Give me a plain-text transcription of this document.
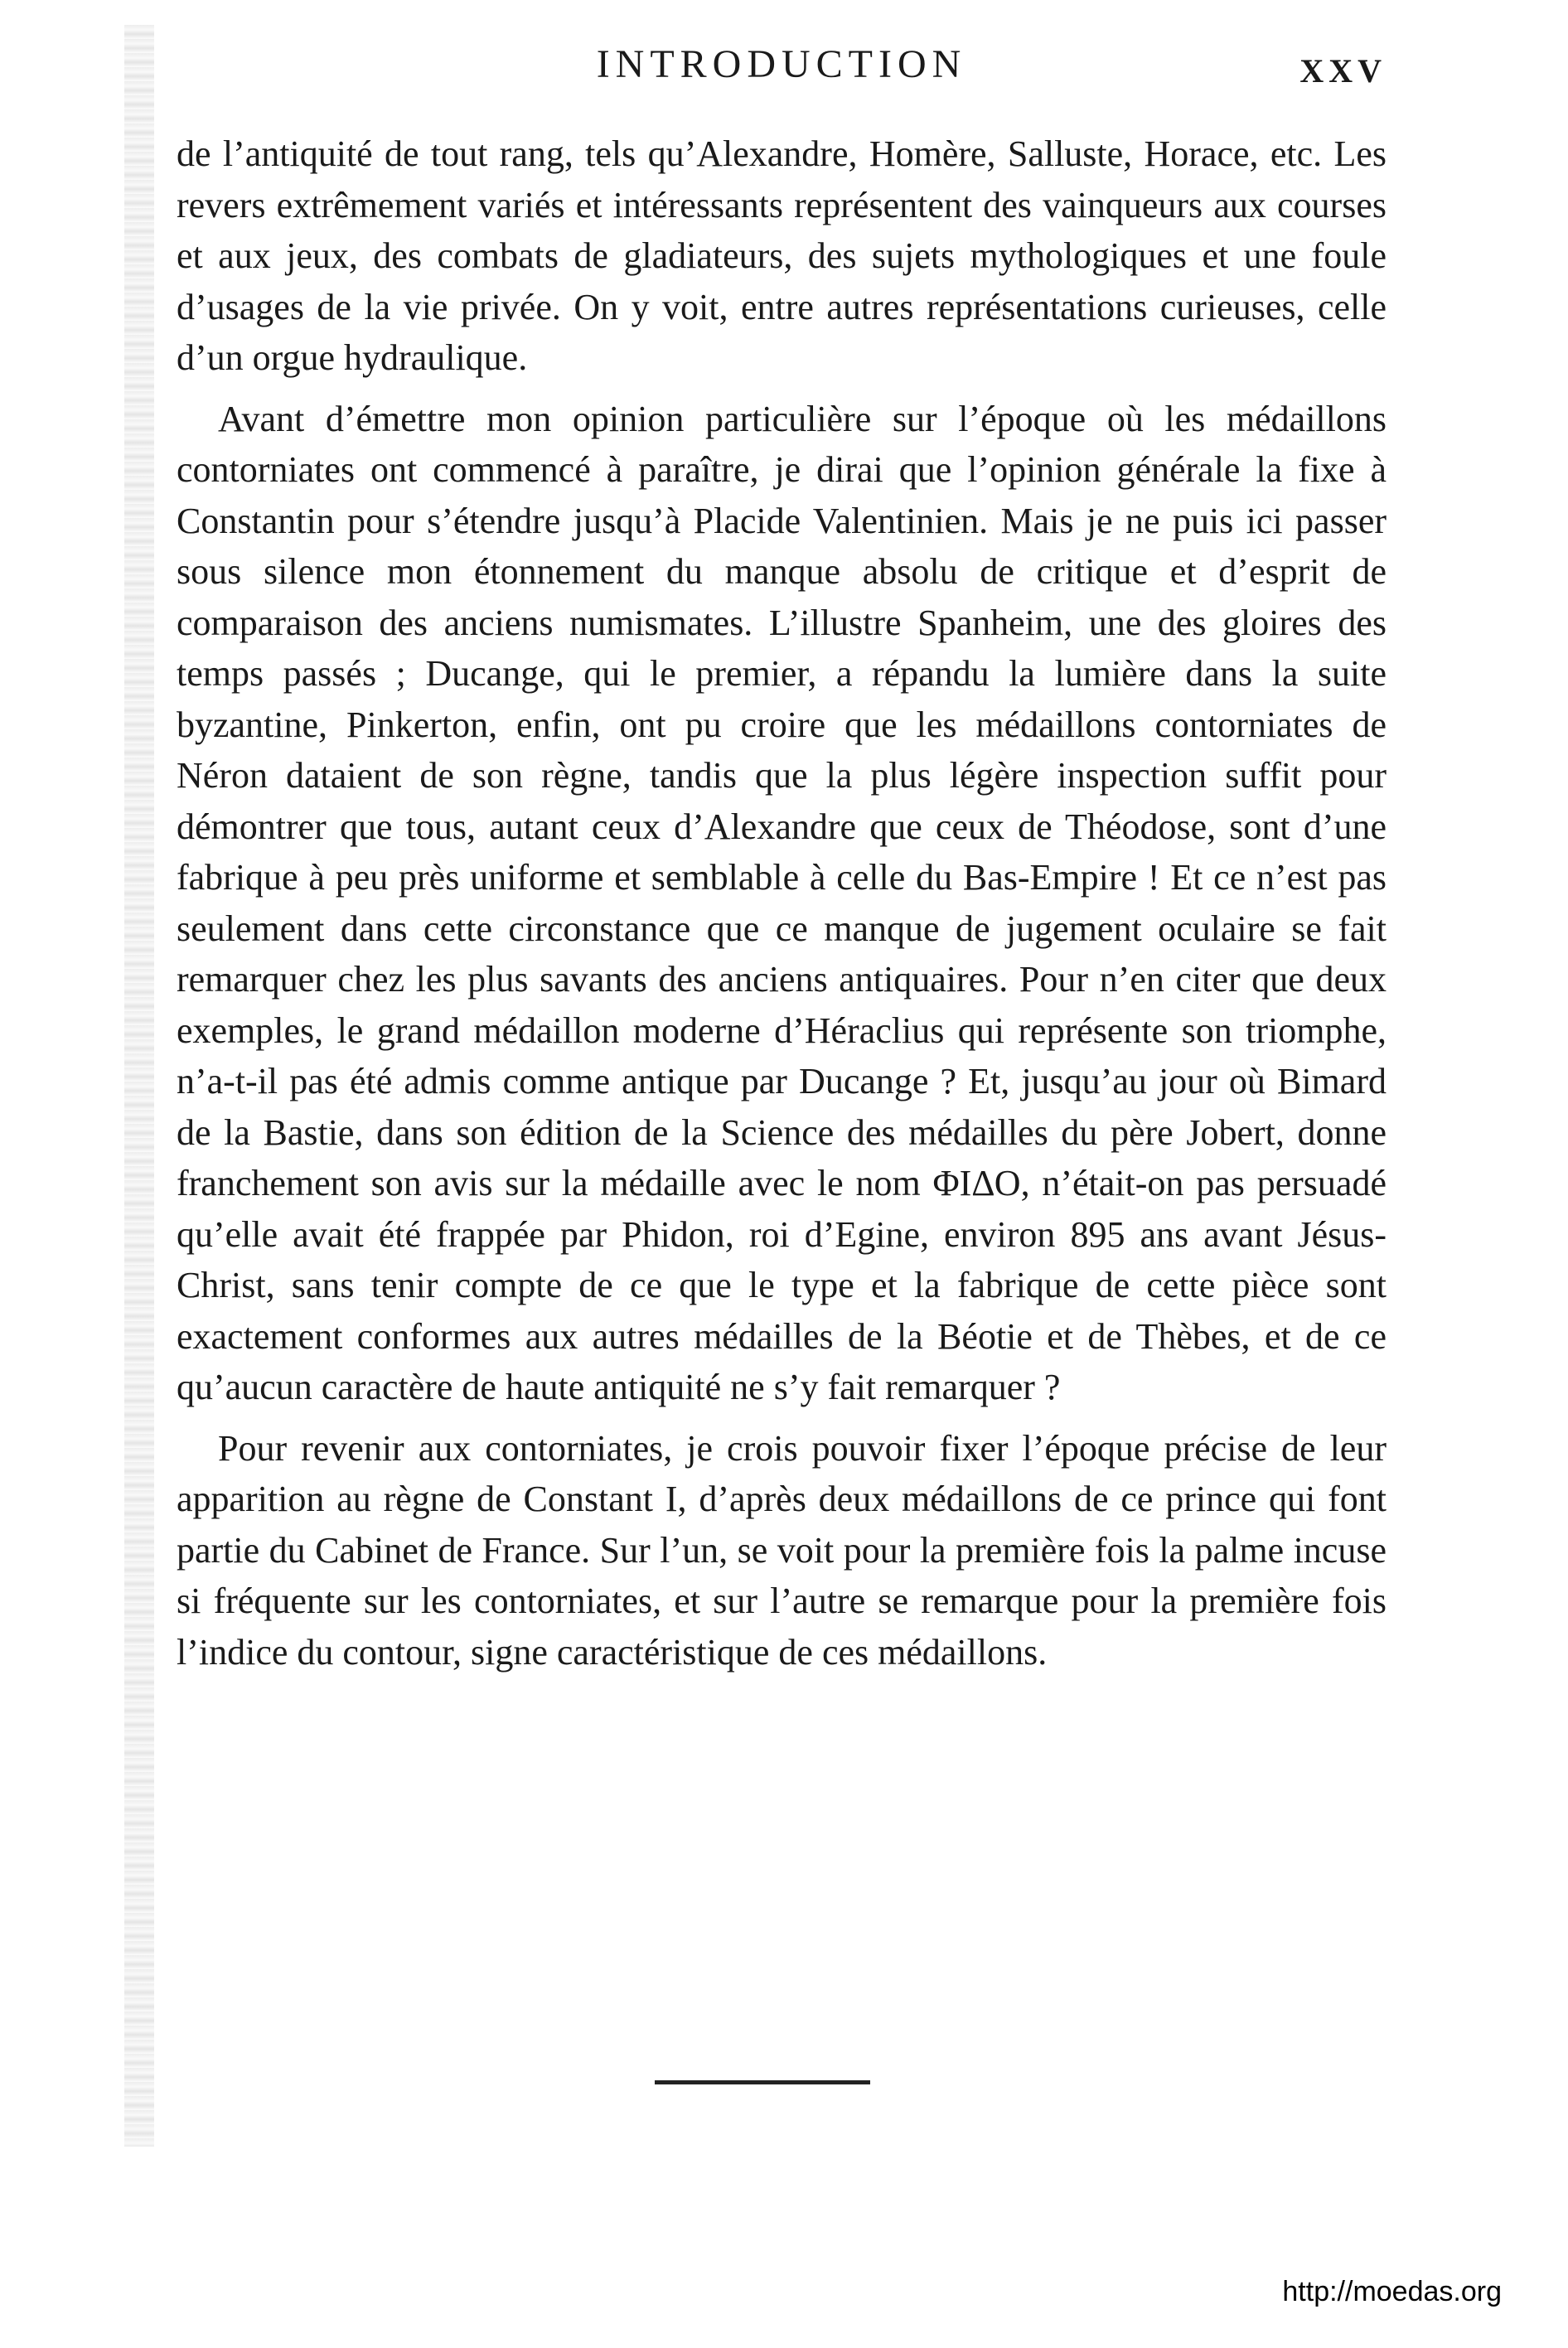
INTRODUCTION	XXV

de l’antiquité de tout rang, tels qu’Alexandre, Homère, Salluste, Horace, etc. Les revers extrêmement variés et intéressants représentent des vainqueurs aux courses et aux jeux, des combats de gladiateurs, des sujets mythologiques et une foule d’usages de la vie privée. On y voit, entre autres représentations curieuses, celle d’un orgue hydraulique.

Avant d’émettre mon opinion particulière sur l’époque où les médaillons contorniates ont commencé à paraître, je dirai que l’opinion générale la fixe à Constantin pour s’étendre jusqu’à Placide Valentinien. Mais je ne puis ici passer sous silence mon étonnement du manque absolu de critique et d’esprit de comparaison des anciens numismates. L’illustre Spanheim, une des gloires des temps passés ; Ducange, qui le premier, a répandu la lumière dans la suite byzantine, Pinkerton, enfin, ont pu croire que les médaillons contorniates de Néron dataient de son règne, tandis que la plus légère inspection suffit pour démontrer que tous, autant ceux d’Alexandre que ceux de Théodose, sont d’une fabrique à peu près uniforme et semblable à celle du Bas-Empire ! Et ce n’est pas seulement dans cette circonstance que ce manque de jugement oculaire se fait remarquer chez les plus savants des anciens antiquaires. Pour n’en citer que deux exemples, le grand médaillon moderne d’Héraclius qui représente son triomphe, n’a-t-il pas été admis comme antique par Ducange ? Et, jusqu’au jour où Bimard de la Bastie, dans son édition de la Science des médailles du père Jobert, donne franchement son avis sur la médaille avec le nom ΦΙΔΟ, n’était-on pas persuadé qu’elle avait été frappée par Phidon, roi d’Egine, environ 895 ans avant Jésus-Christ, sans tenir compte de ce que le type et la fabrique de cette pièce sont exactement conformes aux autres médailles de la Béotie et de Thèbes, et de ce qu’aucun caractère de haute antiquité ne s’y fait remarquer ?

Pour revenir aux contorniates, je crois pouvoir fixer l’époque précise de leur apparition au règne de Constant I, d’après deux médaillons de ce prince qui font partie du Cabinet de France. Sur l’un, se voit pour la première fois la palme incuse si fréquente sur les contorniates, et sur l’autre se remarque pour la première fois l’indice du contour, signe caractéristique de ces médaillons.

http://moedas.org
